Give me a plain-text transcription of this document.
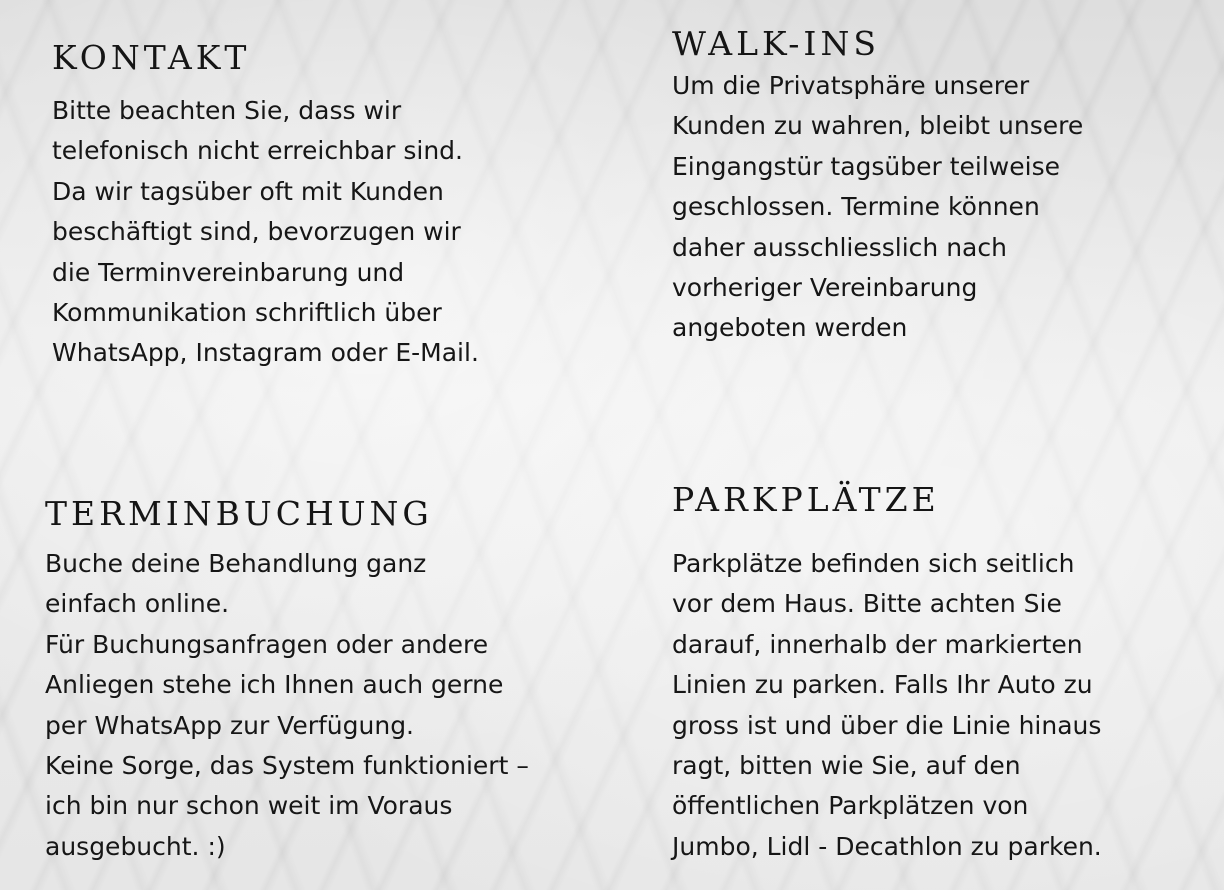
KONTAKT

Bitte beachten Sie, dass wir
telefonisch nicht erreichbar sind.
Da wir tagsüber oft mit Kunden
beschäftigt sind, bevorzugen wir
die Terminvereinbarung und
Kommunikation schriftlich über
WhatsApp, Instagram oder E-Mail.

WALK-INS

Um die Privatsphäre unserer
Kunden zu wahren, bleibt unsere
Eingangstür tagsüber teilweise
geschlossen. Termine können
daher ausschliesslich nach
vorheriger Vereinbarung
angeboten werden

TERMINBUCHUNG

Buche deine Behandlung ganz
einfach online.
Für Buchungsanfragen oder andere
Anliegen stehe ich Ihnen auch gerne
per WhatsApp zur Verfügung.
Keine Sorge, das System funktioniert –
ich bin nur schon weit im Voraus
ausgebucht. :)

PARKPLÄTZE

Parkplätze befinden sich seitlich
vor dem Haus. Bitte achten Sie
darauf, innerhalb der markierten
Linien zu parken. Falls Ihr Auto zu
gross ist und über die Linie hinaus
ragt, bitten wie Sie, auf den
öffentlichen Parkplätzen von
Jumbo, Lidl - Decathlon zu parken.
